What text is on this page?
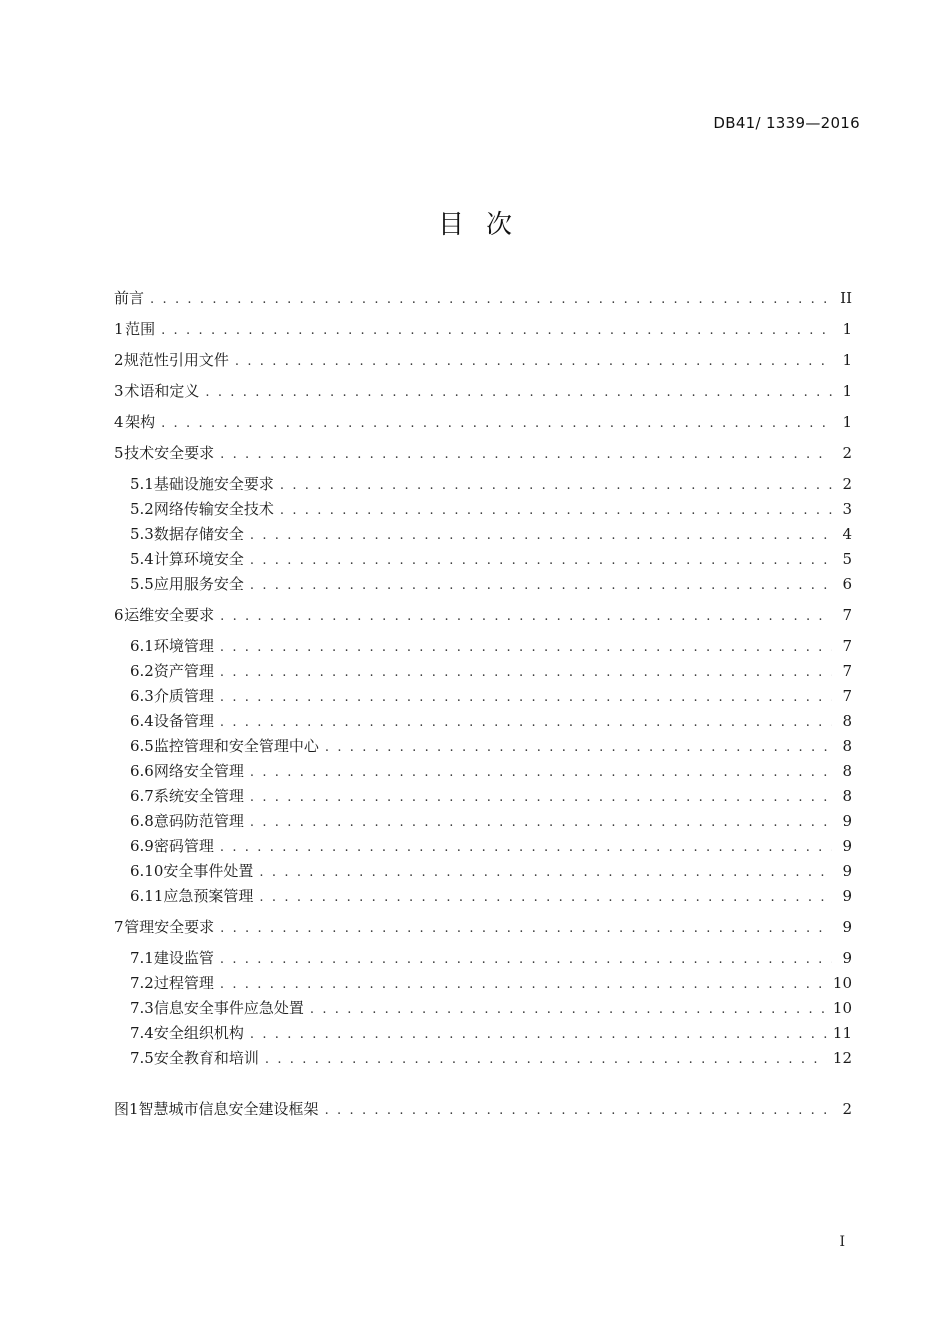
DB41/ 1339—2016
目次
前言 . . .	II
1 范围 . . .	1
2 规范性引用文件 . . .	1
3 术语和定义 . . .	1
4 架构 . . .	1
5 技术安全要求 . . .	2
5.1 基础设施安全要求 . . .	2
5.2 网络传输安全技术 . . .	3
5.3 数据存储安全 . . .	4
5.4 计算环境安全 . . .	5
5.5 应用服务安全 . . .	6
6 运维安全要求 . . .	7
6.1 环境管理 . . .	7
6.2 资产管理 . . .	7
6.3 介质管理 . . .	7
6.4 设备管理 . . .	8
6.5 监控管理和安全管理中心 . . .	8
6.6 网络安全管理 . . .	8
6.7 系统安全管理 . . .	8
6.8 意码防范管理 . . .	9
6.9 密码管理 . . .	9
6.10 安全事件处置 . . .	9
6.11 应急预案管理 . . .	9
7 管理安全要求 . . .	9
7.1 建设监管 . . .	9
7.2 过程管理 . . .	10
7.3 信息安全事件应急处置 . . .	10
7.4 安全组织机构 . . .	11
7.5 安全教育和培训 . . .	12
图1 智慧城市信息安全建设框架 . . .	2
I
